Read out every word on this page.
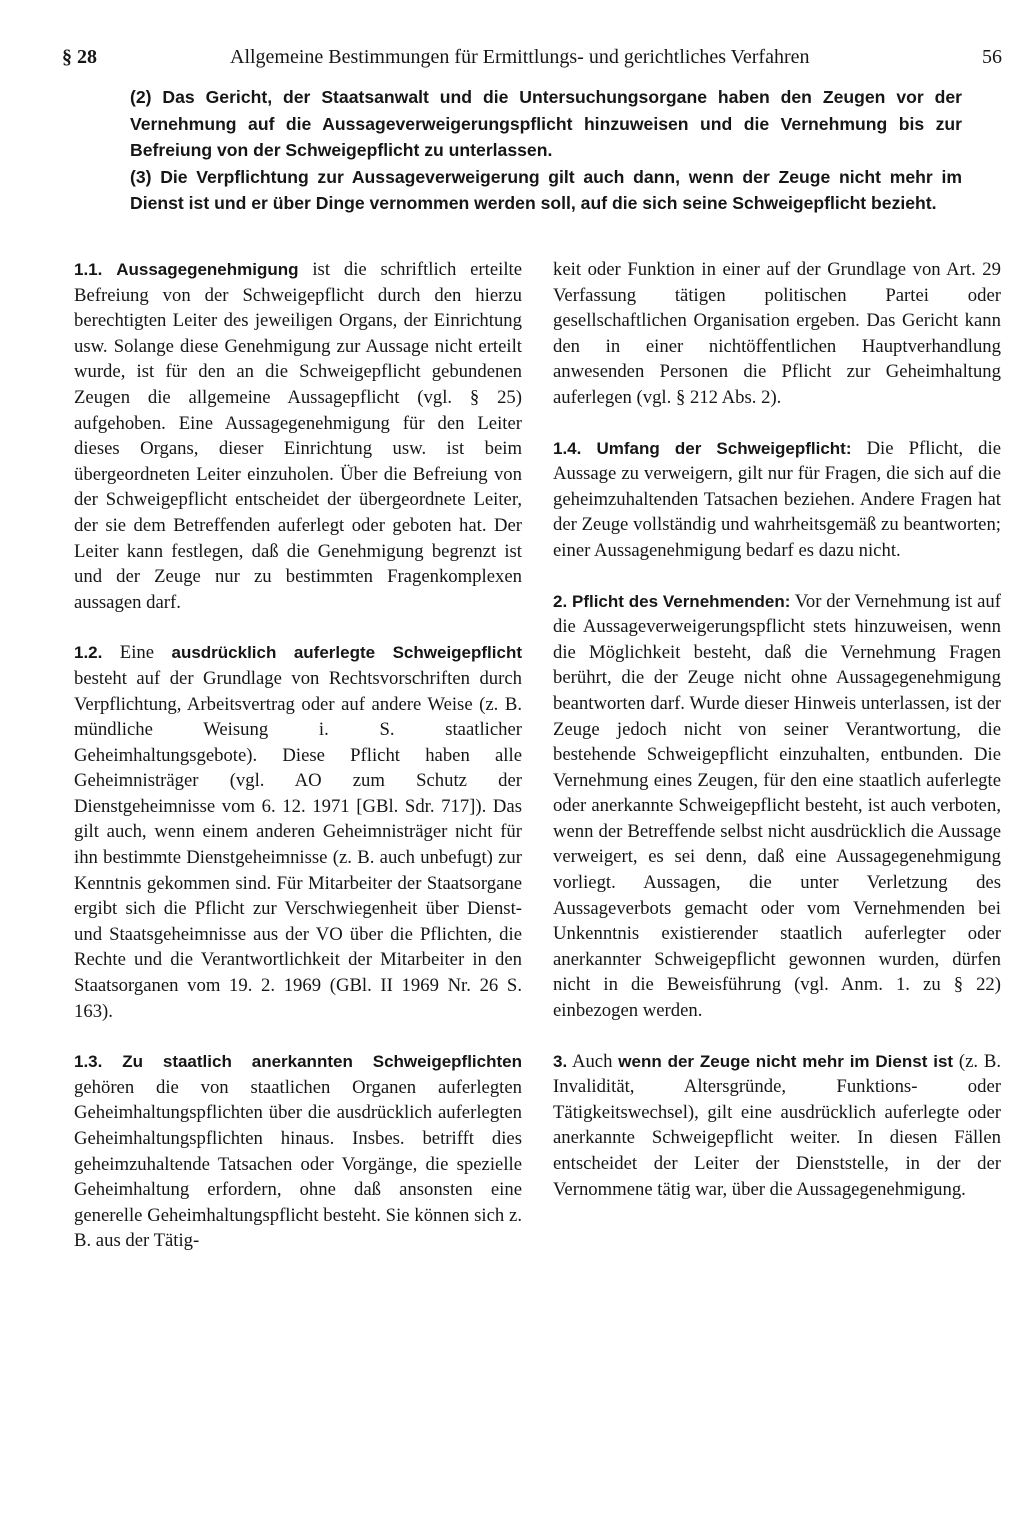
§ 28	Allgemeine Bestimmungen für Ermittlungs- und gerichtliches Verfahren	56

(2) Das Gericht, der Staatsanwalt und die Untersuchungsorgane haben den Zeugen vor der Vernehmung auf die Aussageverweigerungspflicht hinzuweisen und die Vernehmung bis zur Befreiung von der Schweigepflicht zu unterlassen.

(3) Die Verpflichtung zur Aussageverweigerung gilt auch dann, wenn der Zeuge nicht mehr im Dienst ist und er über Dinge vernommen werden soll, auf die sich seine Schweigepflicht bezieht.

1.1. Aussagegenehmigung ist die schriftlich erteilte Befreiung von der Schweigepflicht durch den hierzu berechtigten Leiter des jeweiligen Organs, der Einrichtung usw. Solange diese Genehmigung zur Aussage nicht erteilt wurde, ist für den an die Schweigepflicht gebundenen Zeugen die allgemeine Aussagepflicht (vgl. § 25) aufgehoben. Eine Aussagegenehmigung für den Leiter dieses Organs, dieser Einrichtung usw. ist beim übergeordneten Leiter einzuholen. Über die Befreiung von der Schweigepflicht entscheidet der übergeordnete Leiter, der sie dem Betreffenden auferlegt oder geboten hat. Der Leiter kann festlegen, daß die Genehmigung begrenzt ist und der Zeuge nur zu bestimmten Fragenkomplexen aussagen darf.

1.2. Eine ausdrücklich auferlegte Schweigepflicht besteht auf der Grundlage von Rechtsvorschriften durch Verpflichtung, Arbeitsvertrag oder auf andere Weise (z. B. mündliche Weisung i. S. staatlicher Geheimhaltungsgebote). Diese Pflicht haben alle Geheimnisträger (vgl. AO zum Schutz der Dienstgeheimnisse vom 6. 12. 1971 [GBl. Sdr. 717]). Das gilt auch, wenn einem anderen Geheimnisträger nicht für ihn bestimmte Dienstgeheimnisse (z. B. auch unbefugt) zur Kenntnis gekommen sind. Für Mitarbeiter der Staatsorgane ergibt sich die Pflicht zur Verschwiegenheit über Dienst- und Staatsgeheimnisse aus der VO über die Pflichten, die Rechte und die Verantwortlichkeit der Mitarbeiter in den Staatsorganen vom 19. 2. 1969 (GBl. II 1969 Nr. 26 S. 163).

1.3. Zu staatlich anerkannten Schweigepflichten gehören die von staatlichen Organen auferlegten Geheimhaltungspflichten über die ausdrücklich auferlegten Geheimhaltungspflichten hinaus. Insbes. betrifft dies geheimzuhaltende Tatsachen oder Vorgänge, die spezielle Geheimhaltung erfordern, ohne daß ansonsten eine generelle Geheimhaltungspflicht besteht. Sie können sich z. B. aus der Tätig-

keit oder Funktion in einer auf der Grundlage von Art. 29 Verfassung tätigen politischen Partei oder gesellschaftlichen Organisation ergeben. Das Gericht kann den in einer nichtöffentlichen Hauptverhandlung anwesenden Personen die Pflicht zur Geheimhaltung auferlegen (vgl. § 212 Abs. 2).

1.4. Umfang der Schweigepflicht: Die Pflicht, die Aussage zu verweigern, gilt nur für Fragen, die sich auf die geheimzuhaltenden Tatsachen beziehen. Andere Fragen hat der Zeuge vollständig und wahrheitsgemäß zu beantworten; einer Aussagenehmigung bedarf es dazu nicht.

2. Pflicht des Vernehmenden: Vor der Vernehmung ist auf die Aussageverweigerungspflicht stets hinzuweisen, wenn die Möglichkeit besteht, daß die Vernehmung Fragen berührt, die der Zeuge nicht ohne Aussagegenehmigung beantworten darf. Wurde dieser Hinweis unterlassen, ist der Zeuge jedoch nicht von seiner Verantwortung, die bestehende Schweigepflicht einzuhalten, entbunden. Die Vernehmung eines Zeugen, für den eine staatlich auferlegte oder anerkannte Schweigepflicht besteht, ist auch verboten, wenn der Betreffende selbst nicht ausdrücklich die Aussage verweigert, es sei denn, daß eine Aussagegenehmigung vorliegt. Aussagen, die unter Verletzung des Aussageverbots gemacht oder vom Vernehmenden bei Unkenntnis existierender staatlich auferlegter oder anerkannter Schweigepflicht gewonnen wurden, dürfen nicht in die Beweisführung (vgl. Anm. 1. zu § 22) einbezogen werden.

3. Auch wenn der Zeuge nicht mehr im Dienst ist (z. B. Invalidität, Altersgründe, Funktions- oder Tätigkeitswechsel), gilt eine ausdrücklich auferlegte oder anerkannte Schweigepflicht weiter. In diesen Fällen entscheidet der Leiter der Dienststelle, in der der Vernommene tätig war, über die Aussagegenehmigung.
